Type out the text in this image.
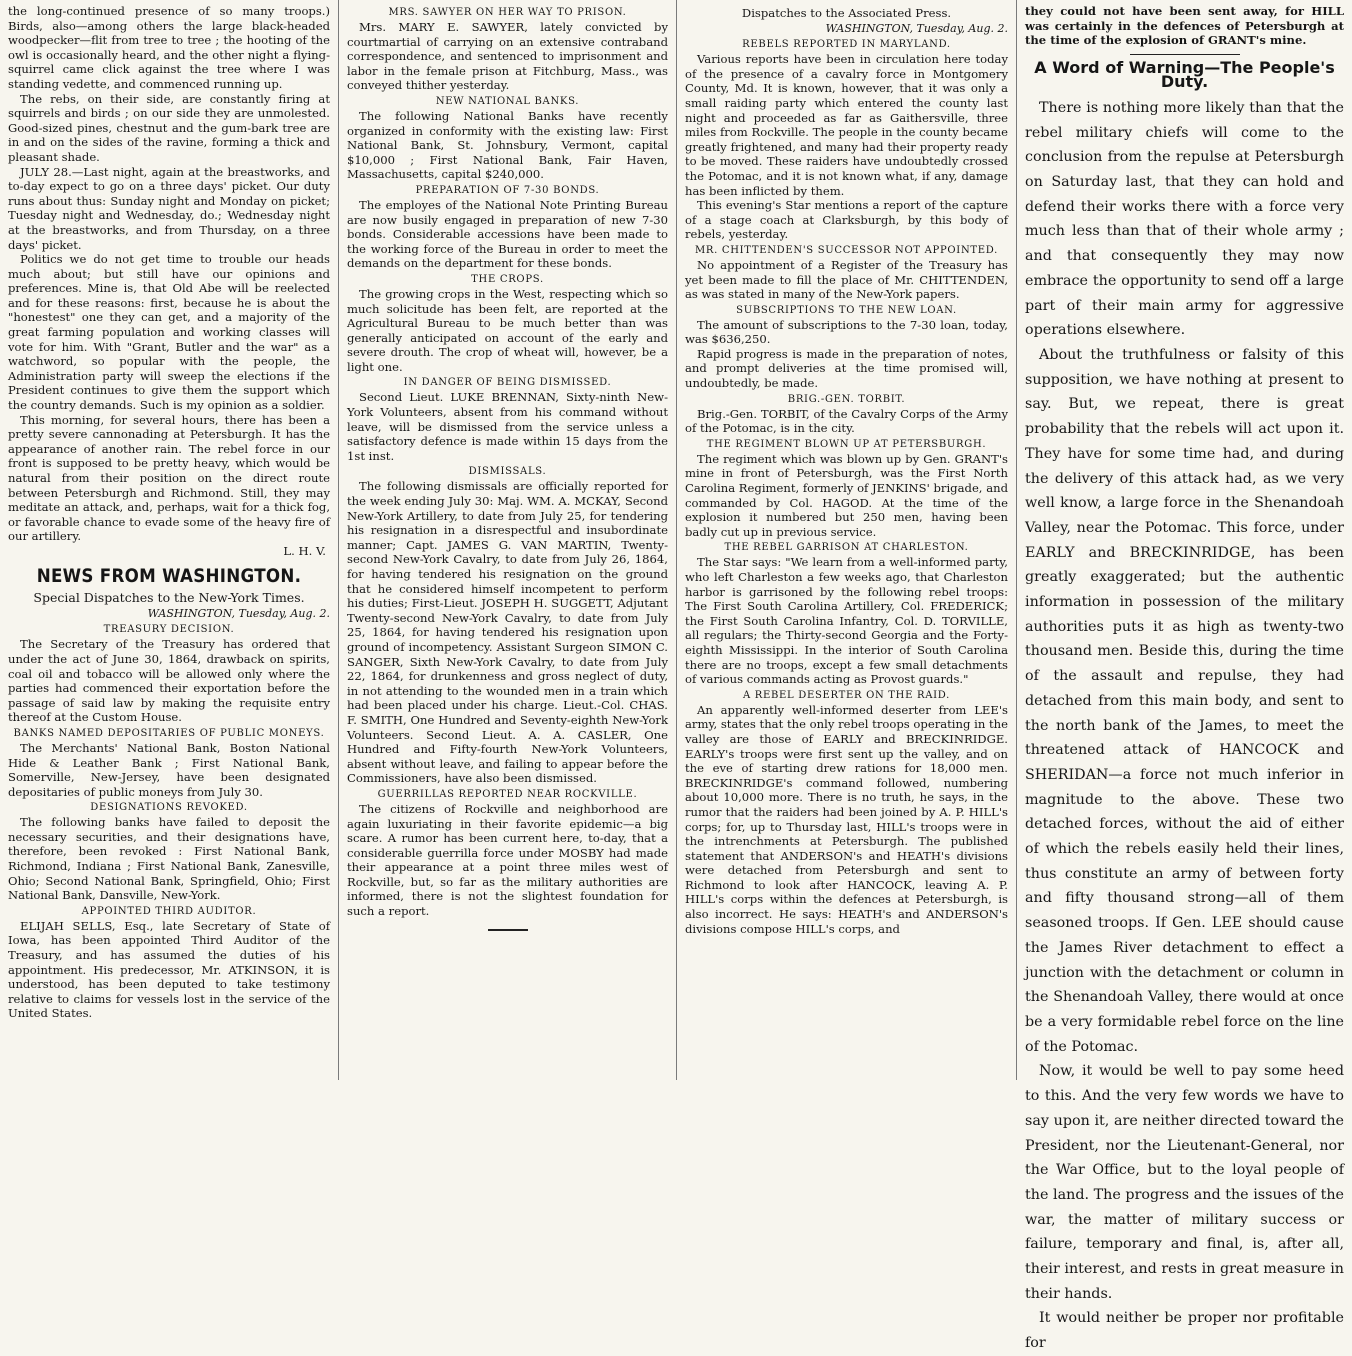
the long-continued presence of so many troops.) Birds, also—among others the large black-headed woodpecker—flit from tree to tree ; the hooting of the owl is occasionally heard, and the other night a flying-squirrel came click against the tree where I was standing vedette, and commenced running up.

The rebs, on their side, are constantly firing at squirrels and birds ; on our side they are unmolested. Good-sized pines, chestnut and the gum-bark tree are in and on the sides of the ravine, forming a thick and pleasant shade.

JULY 28.—Last night, again at the breastworks, and to-day expect to go on a three days' picket. Our duty runs about thus: Sunday night and Monday on picket; Tuesday night and Wednesday, do.; Wednesday night at the breastworks, and from Thursday, on a three days' picket.

Politics we do not get time to trouble our heads much about; but still have our opinions and preferences. Mine is, that Old Abe will be reelected and for these reasons: first, because he is about the "honestest" one they can get, and a majority of the great farming population and working classes will vote for him. With "Grant, Butler and the war" as a watchword, so popular with the people, the Administration party will sweep the elections if the President continues to give them the support which the country demands. Such is my opinion as a soldier.

This morning, for several hours, there has been a pretty severe cannonading at Petersburgh. It has the appearance of another rain. The rebel force in our front is supposed to be pretty heavy, which would be natural from their position on the direct route between Petersburgh and Richmond. Still, they may meditate an attack, and, perhaps, wait for a thick fog, or favorable chance to evade some of the heavy fire of our artillery.

L. H. V.
NEWS FROM WASHINGTON.
Special Dispatches to the New-York Times.
WASHINGTON, Tuesday, Aug. 2.
TREASURY DECISION.

The Secretary of the Treasury has ordered that under the act of June 30, 1864, drawback on spirits, coal oil and tobacco will be allowed only where the parties had commenced their exportation before the passage of said law by making the requisite entry thereof at the Custom House.

BANKS NAMED DEPOSITARIES OF PUBLIC MONEYS.

The Merchants' National Bank, Boston National Hide & Leather Bank ; First National Bank, Somerville, New-Jersey, have been designated depositaries of public moneys from July 30.

DESIGNATIONS REVOKED.

The following banks have failed to deposit the necessary securities, and their designations have, therefore, been revoked : First National Bank, Richmond, Indiana ; First National Bank, Zanesville, Ohio; Second National Bank, Springfield, Ohio; First National Bank, Dansville, New-York.

APPOINTED THIRD AUDITOR.

ELIJAH SELLS, Esq., late Secretary of State of Iowa, has been appointed Third Auditor of the Treasury, and has assumed the duties of his appointment. His predecessor, Mr. ATKINSON, it is understood, has been deputed to take testimony relative to claims for vessels lost in the service of the United States.

MRS. SAWYER ON HER WAY TO PRISON.

Mrs. MARY E. SAWYER, lately convicted by courtmartial of carrying on an extensive contraband correspondence, and sentenced to imprisonment and labor in the female prison at Fitchburg, Mass., was conveyed thither yesterday.

NEW NATIONAL BANKS.

The following National Banks have recently organized in conformity with the existing law: First National Bank, St. Johnsbury, Vermont, capital $10,000 ; First National Bank, Fair Haven, Massachusetts, capital $240,000.

PREPARATION OF 7-30 BONDS.

The employes of the National Note Printing Bureau are now busily engaged in preparation of new 7-30 bonds. Considerable accessions have been made to the working force of the Bureau in order to meet the demands on the department for these bonds.

THE CROPS.

The growing crops in the West, respecting which so much solicitude has been felt, are reported at the Agricultural Bureau to be much better than was generally anticipated on account of the early and severe drouth. The crop of wheat will, however, be a light one.

IN DANGER OF BEING DISMISSED.

Second Lieut. LUKE BRENNAN, Sixty-ninth New-York Volunteers, absent from his command without leave, will be dismissed from the service unless a satisfactory defence is made within 15 days from the 1st inst.

DISMISSALS.

The following dismissals are officially reported for the week ending July 30: Maj. WM. A. MCKAY, Second New-York Artillery, to date from July 25, for tendering his resignation in a disrespectful and insubordinate manner; Capt. JAMES G. VAN MARTIN, Twenty-second New-York Cavalry, to date from July 26, 1864, for having tendered his resignation on the ground that he considered himself incompetent to perform his duties; First-Lieut. JOSEPH H. SUGGETT, Adjutant Twenty-second New-York Cavalry, to date from July 25, 1864, for having tendered his resignation upon ground of incompetency. Assistant Surgeon SIMON C. SANGER, Sixth New-York Cavalry, to date from July 22, 1864, for drunkenness and gross neglect of duty, in not attending to the wounded men in a train which had been placed under his charge. Lieut.-Col. CHAS. F. SMITH, One Hundred and Seventy-eighth New-York Volunteers. Second Lieut. A. A. CASLER, One Hundred and Fifty-fourth New-York Volunteers, absent without leave, and failing to appear before the Commissioners, have also been dismissed.

GUERRILLAS REPORTED NEAR ROCKVILLE.

The citizens of Rockville and neighborhood are again luxuriating in their favorite epidemic—a big scare. A rumor has been current here, to-day, that a considerable guerrilla force under MOSBY had made their appearance at a point three miles west of Rockville, but, so far as the military authorities are informed, there is not the slightest foundation for such a report.

Dispatches to the Associated Press.
WASHINGTON, Tuesday, Aug. 2.
REBELS REPORTED IN MARYLAND.

Various reports have been in circulation here today of the presence of a cavalry force in Montgomery County, Md. It is known, however, that it was only a small raiding party which entered the county last night and proceeded as far as Gaithersville, three miles from Rockville. The people in the county became greatly frightened, and many had their property ready to be moved. These raiders have undoubtedly crossed the Potomac, and it is not known what, if any, damage has been inflicted by them.

This evening's Star mentions a report of the capture of a stage coach at Clarksburgh, by this body of rebels, yesterday.

MR. CHITTENDEN'S SUCCESSOR NOT APPOINTED.

No appointment of a Register of the Treasury has yet been made to fill the place of Mr. CHITTENDEN, as was stated in many of the New-York papers.

SUBSCRIPTIONS TO THE NEW LOAN.

The amount of subscriptions to the 7-30 loan, today, was $636,250.

Rapid progress is made in the preparation of notes, and prompt deliveries at the time promised will, undoubtedly, be made.

BRIG.-GEN. TORBIT.

Brig.-Gen. TORBIT, of the Cavalry Corps of the Army of the Potomac, is in the city.

THE REGIMENT BLOWN UP AT PETERSBURGH.

The regiment which was blown up by Gen. GRANT's mine in front of Petersburgh, was the First North Carolina Regiment, formerly of JENKINS' brigade, and commanded by Col. HAGOD. At the time of the explosion it numbered but 250 men, having been badly cut up in previous service.

THE REBEL GARRISON AT CHARLESTON.

The Star says: "We learn from a well-informed party, who left Charleston a few weeks ago, that Charleston harbor is garrisoned by the following rebel troops: The First South Carolina Artillery, Col. FREDERICK; the First South Carolina Infantry, Col. D. TORVILLE, all regulars; the Thirty-second Georgia and the Forty-eighth Mississippi. In the interior of South Carolina there are no troops, except a few small detachments of various commands acting as Provost guards."

A REBEL DESERTER ON THE RAID.

An apparently well-informed deserter from LEE's army, states that the only rebel troops operating in the valley are those of EARLY and BRECKINRIDGE. EARLY's troops were first sent up the valley, and on the eve of starting drew rations for 18,000 men. BRECKINRIDGE's command followed, numbering about 10,000 more. There is no truth, he says, in the rumor that the raiders had been joined by A. P. HILL's corps; for, up to Thursday last, HILL's troops were in the intrenchments at Petersburgh. The published statement that ANDERSON's and HEATH's divisions were detached from Petersburgh and sent to Richmond to look after HANCOCK, leaving A. P. HILL's corps within the defences at Petersburgh, is also incorrect. He says: HEATH's and ANDERSON's divisions compose HILL's corps, and

they could not have been sent away, for HILL was certainly in the defences of Petersburgh at the time of the explosion of GRANT's mine.

A Word of Warning—The People's Duty.

There is nothing more likely than that the rebel military chiefs will come to the conclusion from the repulse at Petersburgh on Saturday last, that they can hold and defend their works there with a force very much less than that of their whole army ; and that consequently they may now embrace the opportunity to send off a large part of their main army for aggressive operations elsewhere.

About the truthfulness or falsity of this supposition, we have nothing at present to say. But, we repeat, there is great probability that the rebels will act upon it. They have for some time had, and during the delivery of this attack had, as we very well know, a large force in the Shenandoah Valley, near the Potomac. This force, under EARLY and BRECKINRIDGE, has been greatly exaggerated; but the authentic information in possession of the military authorities puts it as high as twenty-two thousand men. Beside this, during the time of the assault and repulse, they had detached from this main body, and sent to the north bank of the James, to meet the threatened attack of HANCOCK and SHERIDAN—a force not much inferior in magnitude to the above. These two detached forces, without the aid of either of which the rebels easily held their lines, thus constitute an army of between forty and fifty thousand strong—all of them seasoned troops. If Gen. LEE should cause the James River detachment to effect a junction with the detachment or column in the Shenandoah Valley, there would at once be a very formidable rebel force on the line of the Potomac.

Now, it would be well to pay some heed to this. And the very few words we have to say upon it, are neither directed toward the President, nor the Lieutenant-General, nor the War Office, but to the loyal people of the land. The progress and the issues of the war, the matter of military success or failure, temporary and final, is, after all, their interest, and rests in great measure in their hands.

It would neither be proper nor profitable for
